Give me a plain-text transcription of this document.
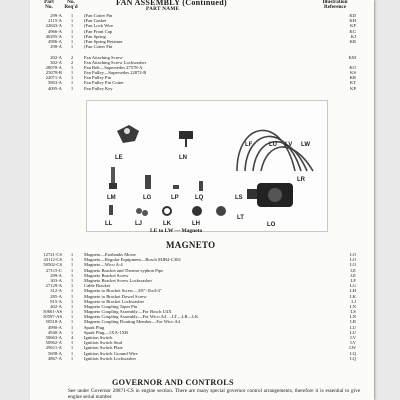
Part
No.
No.
Req'd	PART NAME
Illustration
Reference
FAN ASSEMBLY (Continued)
299-A	1	(Fan Cotter Pin	KD
2115-A	1	(Fan Gasket	KH
22843-A	1	(Fan Lock Wire	KF
4966-A	1	(Fan Front Cap	KG
40295-A	1	(Fan Spring	KJ
4986-A	1	(Fan Spring Retainer	KB
298-A	1	(Fan Cotter Pin
202-A	2	Fan Attaching Screw	KM
302-A	2	Fan Attaching Screw Lockwasher
28070-A	1	Fan Belt—Supersedes 27578-A	KO
25078-B	1	Fan Pulley—Supersedes 22872-B	KS
22071-A	1	Fan Pulley Pin	KR
5863-A	1	Fan Pulley Pin Cotter	KT
4095-A	1	Fan Pulley Key	KP
LE	LN
LF	LU LV LW
LM	LG	LP	LQ	LS
LR
LT
LO
LL	LJ	LK	LH
LE to LW — Magneto
MAGNETO
12721-CS	1	Magneto—Fairbanks Morse	LO
43112-CS	1	Magneto—Regular Equipment—Bosch MJB4-C302	LO
50502-CS	1	Magneto—Wico A-4	LO
27115-C	1	Magneto Bracket and Thermo-syphon Pipe	LE
299-A	1	Magneto Bracket Screw	LE
303-A	1	Magneto Bracket Screw Lockwasher	LF
27129-A	1	Cable Bracket	LG
312-A	1	Magneto to Bracket Screw—3/8"-16x3/4"	LH
285-A	1	Magneto to Bracket Dowel Screw	LK
815-A	1	Magneto to Bracket Lockwasher	LJ
402-A	1	Magneto Coupling Taper Pin	LN
50601-AS	1	Magneto Coupling Assembly—For Bosch U4X	LS
50597-AS	1	Magneto Coupling Assembly—For Wico A4 ....LT—LR—LK	LN
50518-A	1	Magneto Coupling Floating Member—For Wico A4	LR
4990-A	1	Spark Plug	LU
4940-A	1	Spark Plug—1XA-1XB	LU
50663-A	4	Ignition Switch	LV
50962-A	1	Ignition Switch Stud	LV
29611-A	1	Ignition Switch Plate	LW
5698-A	1	Ignition Switch Ground Wire	LQ
4867-A	1	Ignition Switch Lockwasher	LQ
GOVERNOR AND CONTROLS
See under Governor 28871-CS in engine section. There are many special governor control arrangements, therefore it is essential to give engine serial number.
